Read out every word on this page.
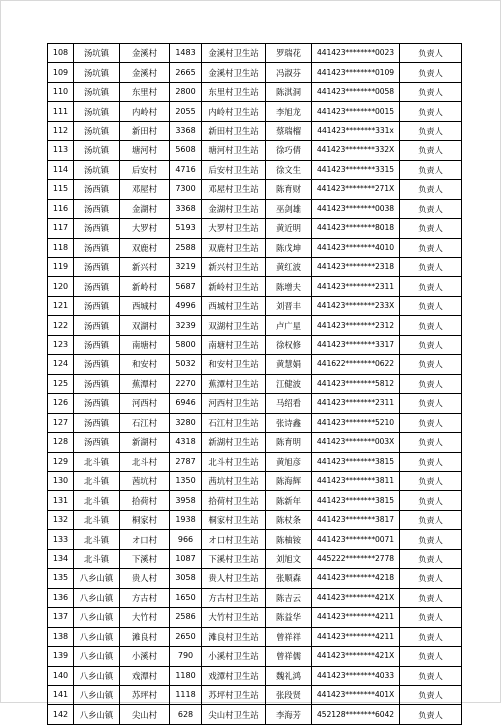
108	汤坑镇	金溪村	1483	金溪村卫生站	罗瑞花	441423********0023	负责人
109	汤坑镇	金溪村	2665	金溪村卫生站	冯淑芬	441423********0109	负责人
110	汤坑镇	东里村	2800	东里村卫生站	陈淇洞	441423********0058	负责人
111	汤坑镇	内岭村	2055	内岭村卫生站	李旭龙	441423********0015	负责人
112	汤坑镇	新田村	3368	新田村卫生站	蔡瑞榴	441423********331x	负责人
113	汤坑镇	塘河村	5608	塘河村卫生站	徐巧倩	441423********332X	负责人
114	汤坑镇	后安村	4716	后安村卫生站	徐文生	441423********3315	负责人
115	汤西镇	邓屋村	7300	邓屋村卫生站	陈育财	441423********271X	负责人
116	汤西镇	金湖村	3368	金湖村卫生站	巫剑雄	441423********0038	负责人
117	汤西镇	大罗村	5193	大罗村卫生站	黄近明	441423********8018	负责人
118	汤西镇	双鹿村	2588	双鹿村卫生站	陈戊坤	441423********4010	负责人
119	汤西镇	新兴村	3219	新兴村卫生站	黄红波	441423********2318	负责人
120	汤西镇	新岭村	5687	新岭村卫生站	陈增夫	441423********2311	负责人
121	汤西镇	西城村	4996	西城村卫生站	刘晋丰	441423********233X	负责人
122	汤西镇	双湖村	3239	双湖村卫生站	卢广星	441423********2312	负责人
123	汤西镇	南塘村	5800	南塘村卫生站	徐权修	441423********3317	负责人
124	汤西镇	和安村	5032	和安村卫生站	黄慧娟	441622********0622	负责人
125	汤西镇	蕉潭村	2270	蕉潭村卫生站	江健波	441423********5812	负责人
126	汤西镇	河西村	6946	河西村卫生站	马绍看	441423********2311	负责人
127	汤西镇	石江村	3280	石江村卫生站	张诗鑫	441423********5210	负责人
128	汤西镇	新湖村	4318	新湖村卫生站	陈育明	441423********003X	负责人
129	北斗镇	北斗村	2787	北斗村卫生站	黄旭彦	441423********3815	负责人
130	北斗镇	茜坑村	1350	茜坑村卫生站	陈海辉	441423********3811	负责人
131	北斗镇	拾荷村	3958	拾荷村卫生站	陈新年	441423********3815	负责人
132	北斗镇	桐家村	1938	桐家村卫生站	陈杖条	441423********3817	负责人
133	北斗镇	オ口村	966	オ口村卫生站	陈柚铵	441423********0071	负责人
134	北斗镇	下溪村	1087	下溪村卫生站	刘旭文	445222********2778	负责人
135	八乡山镇	贵人村	3058	贵人村卫生站	张顺森	441423********4218	负责人
136	八乡山镇	方古村	1650	方古村卫生站	陈吉云	441423********421X	负责人
137	八乡山镇	大竹村	2586	大竹村卫生站	陈益华	441423********4211	负责人
138	八乡山镇	滩良村	2650	滩良村卫生站	曾祥祥	441423********4211	负责人
139	八乡山镇	小溪村	790	小溪村卫生站	曾祥儒	441423********421X	负责人
140	八乡山镇	戏潭村	1180	戏潭村卫生站	魏礼鸿	441423********4033	负责人
141	八乡山镇	苏坪村	1118	苏坪村卫生站	张段贤	441423********401X	负责人
142	八乡山镇	尖山村	628	尖山村卫生站	李海芳	452128********6042	负责人
